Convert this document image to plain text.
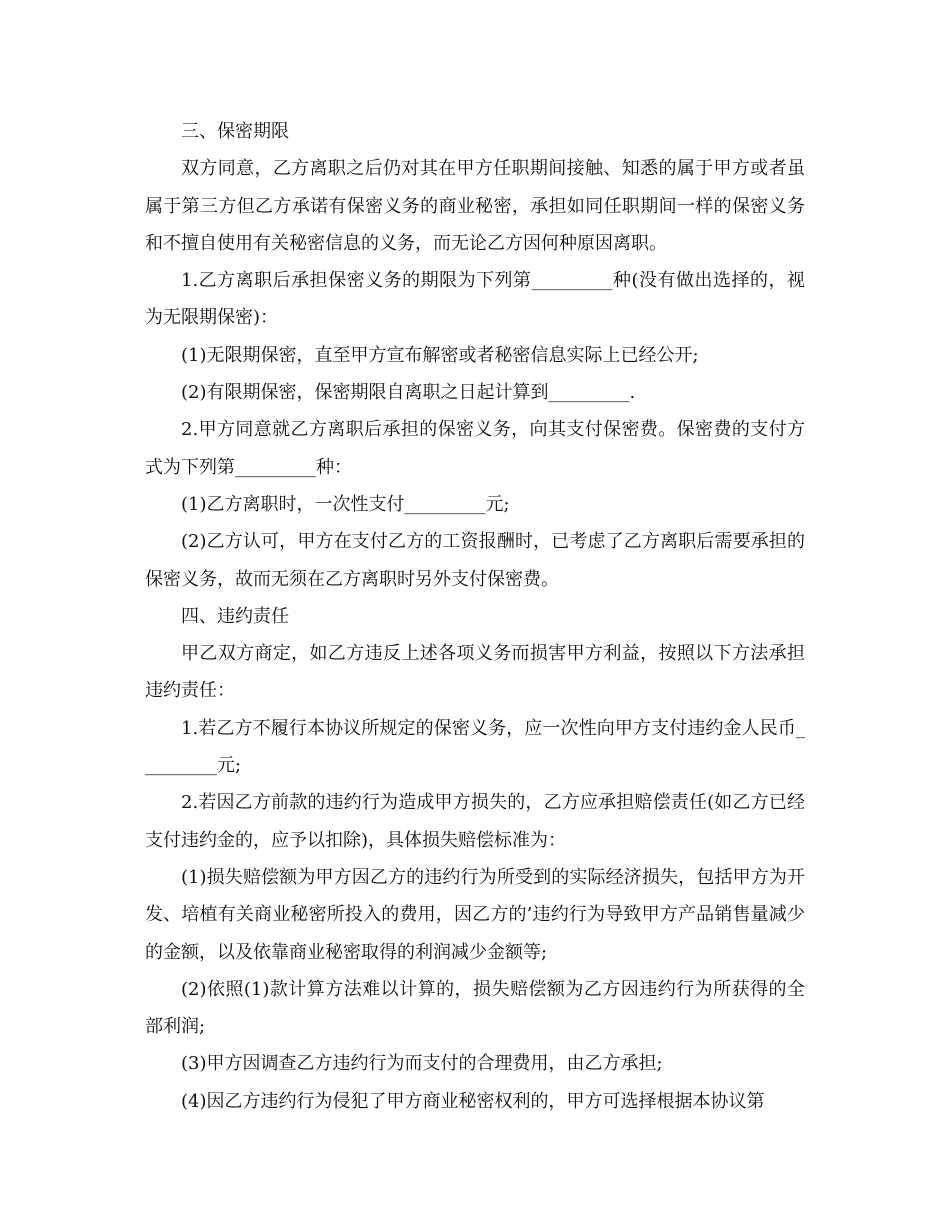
三、保密期限

双方同意，乙方离职之后仍对其在甲方任职期间接触、知悉的属于甲方或者虽属于第三方但乙方承诺有保密义务的商业秘密，承担如同任职期间一样的保密义务和不擅自使用有关秘密信息的义务，而无论乙方因何种原因离职。

1.乙方离职后承担保密义务的期限为下列第_________种(没有做出选择的，视为无限期保密)：

(1)无限期保密，直至甲方宣布解密或者秘密信息实际上已经公开;

(2)有限期保密，保密期限自离职之日起计算到_________.

2.甲方同意就乙方离职后承担的保密义务，向其支付保密费。保密费的支付方式为下列第_________种：

(1)乙方离职时，一次性支付_________元;

(2)乙方认可，甲方在支付乙方的工资报酬时，已考虑了乙方离职后需要承担的保密义务，故而无须在乙方离职时另外支付保密费。

四、违约责任

甲乙双方商定，如乙方违反上述各项义务而损害甲方利益，按照以下方法承担违约责任：

1.若乙方不履行本协议所规定的保密义务，应一次性向甲方支付违约金人民币_________元;

2.若因乙方前款的违约行为造成甲方损失的，乙方应承担赔偿责任(如乙方已经支付违约金的，应予以扣除)，具体损失赔偿标准为：

(1)损失赔偿额为甲方因乙方的违约行为所受到的实际经济损失，包括甲方为开发、培植有关商业秘密所投入的费用，因乙方的’违约行为导致甲方产品销售量减少的金额，以及依靠商业秘密取得的利润减少金额等;

(2)依照(1)款计算方法难以计算的，损失赔偿额为乙方因违约行为所获得的全部利润;

(3)甲方因调查乙方违约行为而支付的合理费用，由乙方承担;

(4)因乙方违约行为侵犯了甲方商业秘密权利的，甲方可选择根据本协议第
